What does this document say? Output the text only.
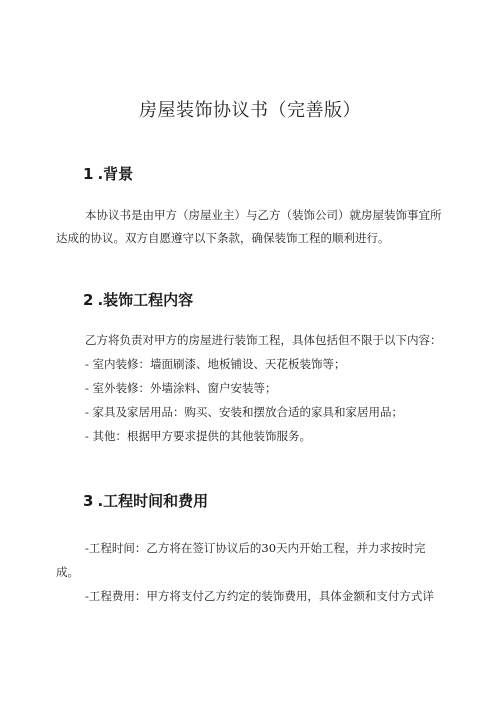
房屋装饰协议书（完善版）
1 .背景
本协议书是由甲方（房屋业主）与乙方（装饰公司）就房屋装饰事宜所
达成的协议。双方自愿遵守以下条款，确保装饰工程的顺利进行。
2 .装饰工程内容
乙方将负责对甲方的房屋进行装饰工程，具体包括但不限于以下内容：
- 室内装修：墙面刷漆、地板铺设、天花板装饰等；
- 室外装修：外墙涂料、窗户安装等；
- 家具及家居用品：购买、安装和摆放合适的家具和家居用品；
- 其他：根据甲方要求提供的其他装饰服务。
3 .工程时间和费用
-工程时间：乙方将在签订协议后的30天内开始工程，并力求按时完
成。
-工程费用：甲方将支付乙方约定的装饰费用，具体金额和支付方式详
